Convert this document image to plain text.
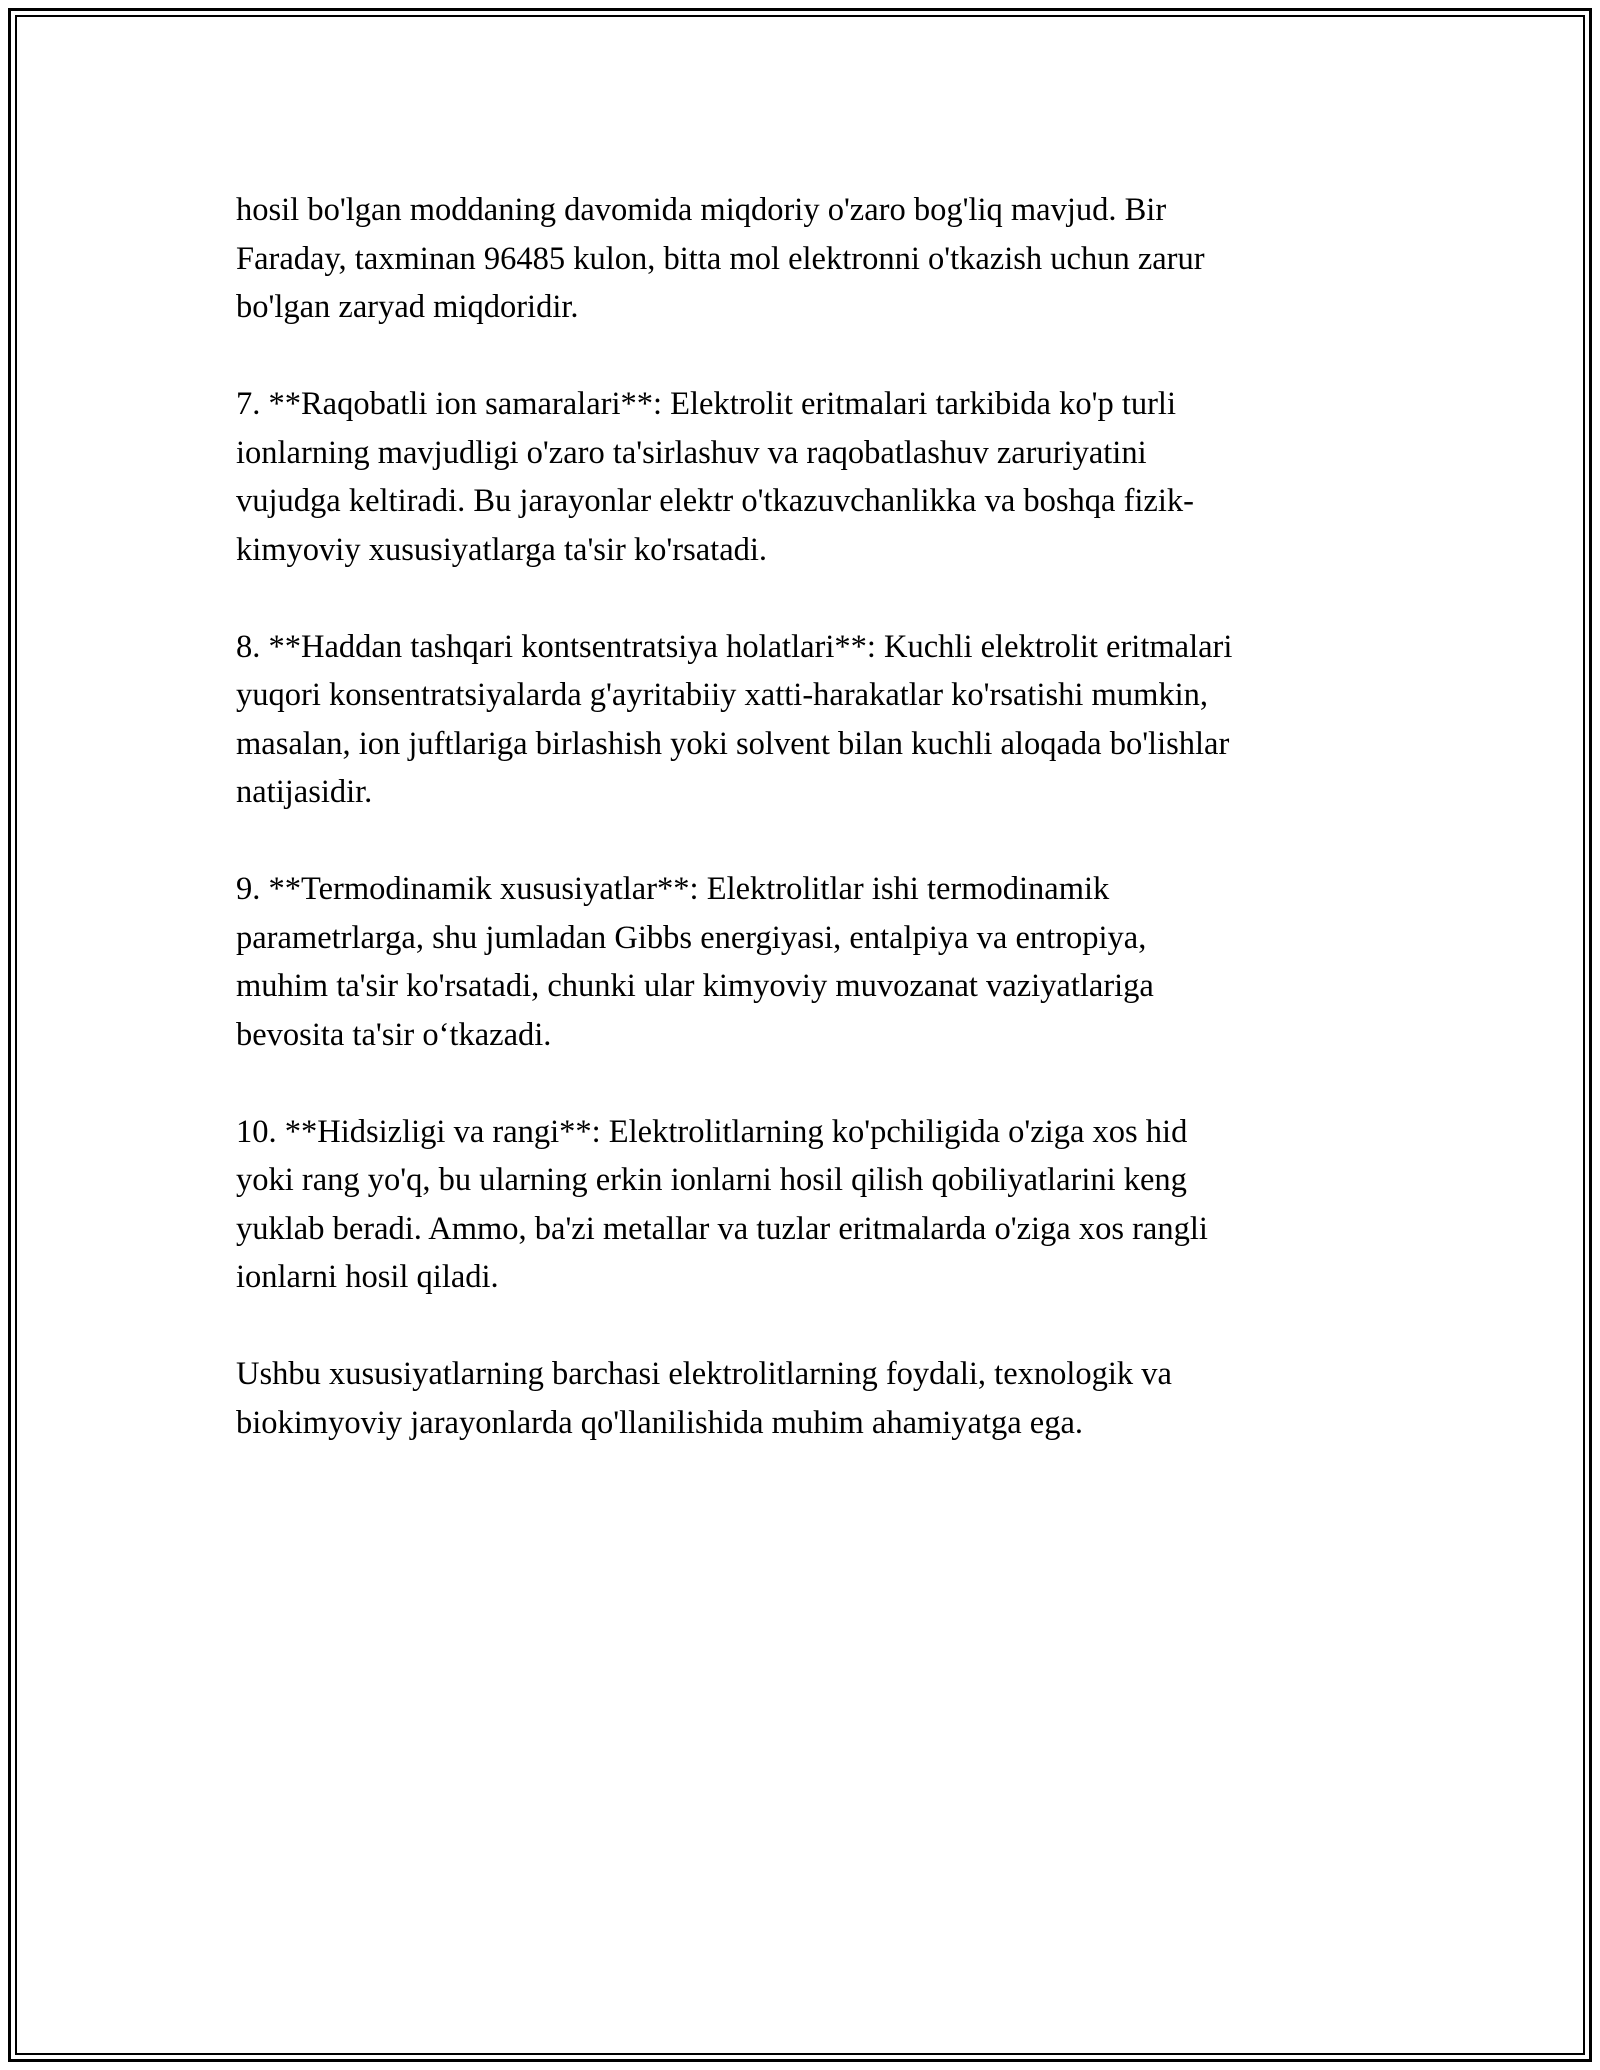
hosil bo'lgan moddaning davomida miqdoriy o'zaro bog'liq mavjud. Bir
Faraday, taxminan 96485 kulon, bitta mol elektronni o'tkazish uchun zarur
bo'lgan zaryad miqdoridir.

7. **Raqobatli ion samaralari**: Elektrolit eritmalari tarkibida ko'p turli
ionlarning mavjudligi o'zaro ta'sirlashuv va raqobatlashuv zaruriyatini
vujudga keltiradi. Bu jarayonlar elektr o'tkazuvchanlikka va boshqa fizik-
kimyoviy xususiyatlarga ta'sir ko'rsatadi.

8. **Haddan tashqari kontsentratsiya holatlari**: Kuchli elektrolit eritmalari
yuqori konsentratsiyalarda g'ayritabiiy xatti-harakatlar ko'rsatishi mumkin,
masalan, ion juftlariga birlashish yoki solvent bilan kuchli aloqada bo'lishlar
natijasidir.

9. **Termodinamik xususiyatlar**: Elektrolitlar ishi termodinamik
parametrlarga, shu jumladan Gibbs energiyasi, entalpiya va entropiya,
muhim ta'sir ko'rsatadi, chunki ular kimyoviy muvozanat vaziyatlariga
bevosita ta'sir o‘tkazadi.

10. **Hidsizligi va rangi**: Elektrolitlarning ko'pchiligida o'ziga xos hid
yoki rang yo'q, bu ularning erkin ionlarni hosil qilish qobiliyatlarini keng
yuklab beradi. Ammo, ba'zi metallar va tuzlar eritmalarda o'ziga xos rangli
ionlarni hosil qiladi.

Ushbu xususiyatlarning barchasi elektrolitlarning foydali, texnologik va
biokimyoviy jarayonlarda qo'llanilishida muhim ahamiyatga ega.
